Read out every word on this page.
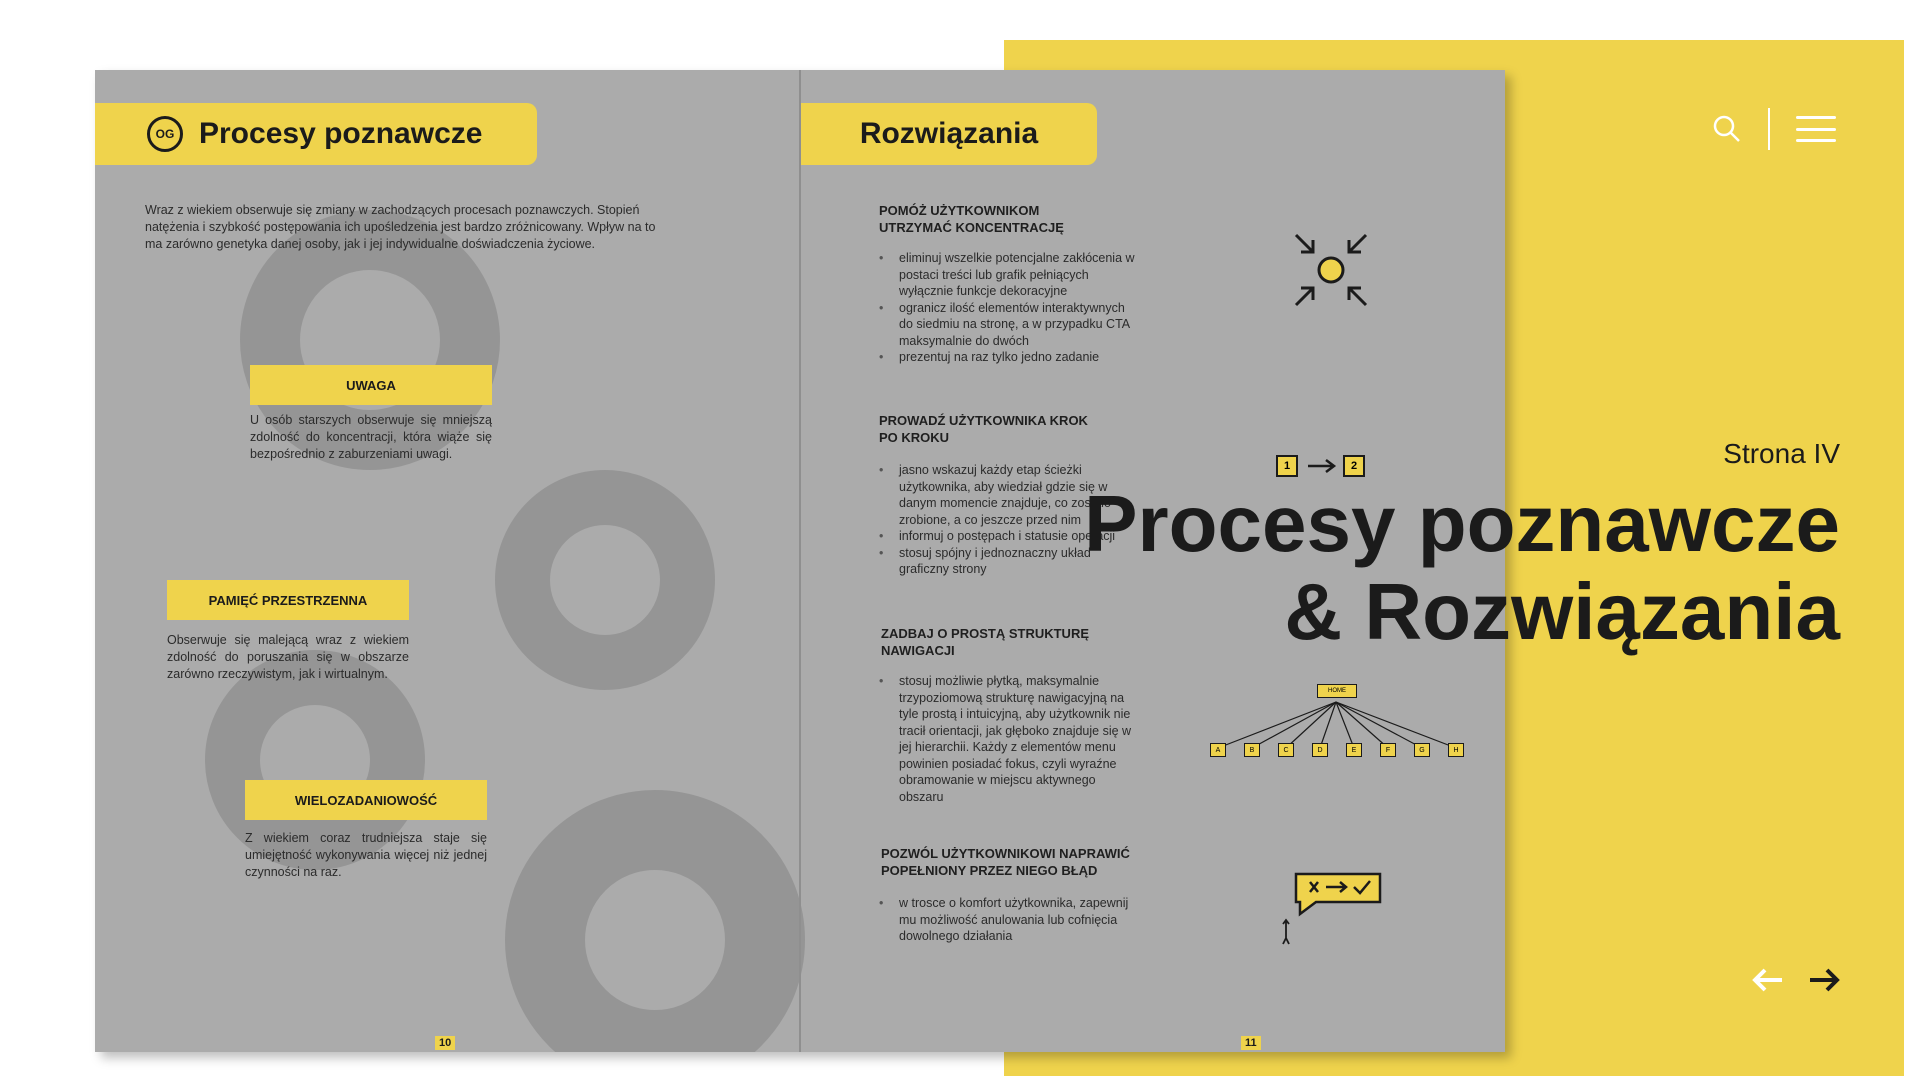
OG Procesy poznawcze
Wraz z wiekiem obserwuje się zmiany w zachodzących procesach poznawczych. Stopień natężenia i szybkość postępowania ich upośledzenia jest bardzo zróżnicowany. Wpływ na to ma zarówno genetyka danej osoby, jak i jej indywidualne doświadczenia życiowe.
UWAGA
U osób starszych obserwuje się mniejszą zdolność do koncentracji, która wiąże się bezpośrednio z zaburzeniami uwagi.
PAMIĘĆ PRZESTRZENNA
Obserwuje się malejącą wraz z wiekiem zdolność do poruszania się w obszarze zarówno rzeczywistym, jak i wirtualnym.
WIELOZADANIOWOŚĆ
Z wiekiem coraz trudniejsza staje się umiejętność wykonywania więcej niż jednej czynności na raz.
10
Rozwiązania
POMÓŻ UŻYTKOWNIKOM UTRZYMAĆ KONCENTRACJĘ
• eliminuj wszelkie potencjalne zakłócenia w postaci treści lub grafik pełniących wyłącznie funkcje dekoracyjne
• ogranicz ilość elementów interaktywnych do siedmiu na stronę, a w przypadku CTA maksymalnie do dwóch
• prezentuj na raz tylko jedno zadanie
PROWADŹ UŻYTKOWNIKA KROK PO KROKU
• jasno wskazuj każdy etap ścieżki użytkownika, aby wiedział gdzie się w danym momencie znajduje, co zostało zrobione, a co jeszcze przed nim
• informuj o postępach i statusie operacji
• stosuj spójny i jednoznaczny układ graficzny strony
ZADBAJ O PROSTĄ STRUKTURĘ NAWIGACJI
• stosuj możliwie płytką, maksymalnie trzypoziomową strukturę nawigacyjną na tyle prostą i intuicyjną, aby użytkownik nie tracił orientacji, jak głęboko znajduje się w jej hierarchii. Każdy z elementów menu powinien posiadać fokus, czyli wyraźne obramowanie w miejscu aktywnego obszaru
POZWÓL UŻYTKOWNIKOWI NAPRAWIĆ POPEŁNIONY PRZEZ NIEGO BŁĄD
• w trosce o komfort użytkownika, zapewnij mu możliwość anulowania lub cofnięcia dowolnego działania
1	2
HOME
A	B	C	D	E	F	G	H
11
Strona IV
Procesy poznawcze
& Rozwiązania
